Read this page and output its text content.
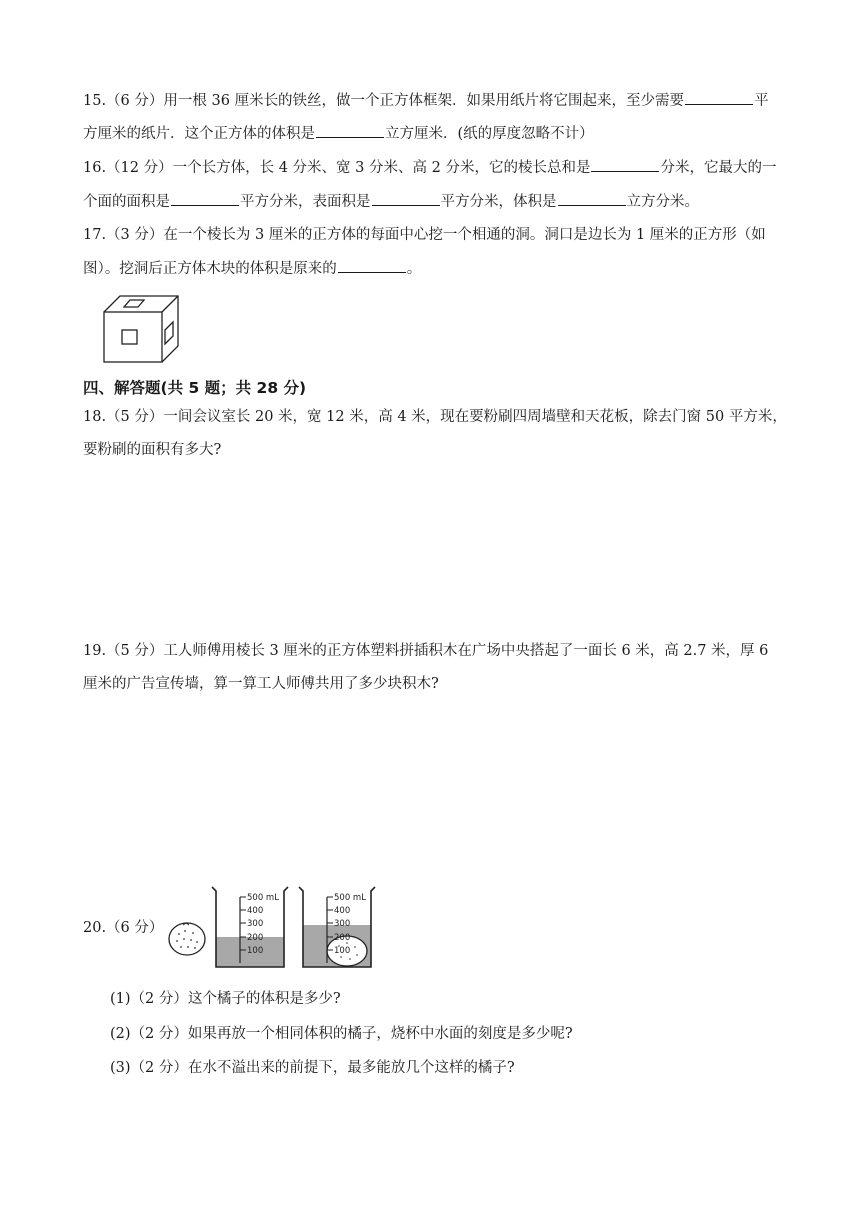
15.（6 分）用一根 36 厘米长的铁丝，做一个正方体框架．如果用纸片将它围起来，至少需要	平
方厘米的纸片．这个正方体的体积是	立方厘米．(纸的厚度忽略不计）
16.（12 分）一个长方体，长 4 分米、宽 3 分米、高 2 分米，它的棱长总和是	分米，它最大的一
个面的面积是	平方分米，表面积是	平方分米，体积是	立方分米。
17.（3 分）在一个棱长为 3 厘米的正方体的每面中心挖一个相通的洞。洞口是边长为 1 厘米的正方形（如
图）。挖洞后正方体木块的体积是原来的	。
四、解答题(共 5 题；共 28 分)
18.（5 分）一间会议室长 20 米，宽 12 米，高 4 米，现在要粉刷四周墙壁和天花板，除去门窗 50 平方米，
要粉刷的面积有多大?
19.（5 分）工人师傅用棱长 3 厘米的正方体塑料拼插积木在广场中央搭起了一面长 6 米，高 2.7 米，厚 6
厘米的广告宣传墙，算一算工人师傅共用了多少块积木?
20.（6 分）
500 mL
400
300
200
100
500 mL
400
300
200
100
(1)（2 分）这个橘子的体积是多少?
(2)（2 分）如果再放一个相同体积的橘子，烧杯中水面的刻度是多少呢?
(3)（2 分）在水不溢出来的前提下，最多能放几个这样的橘子?
